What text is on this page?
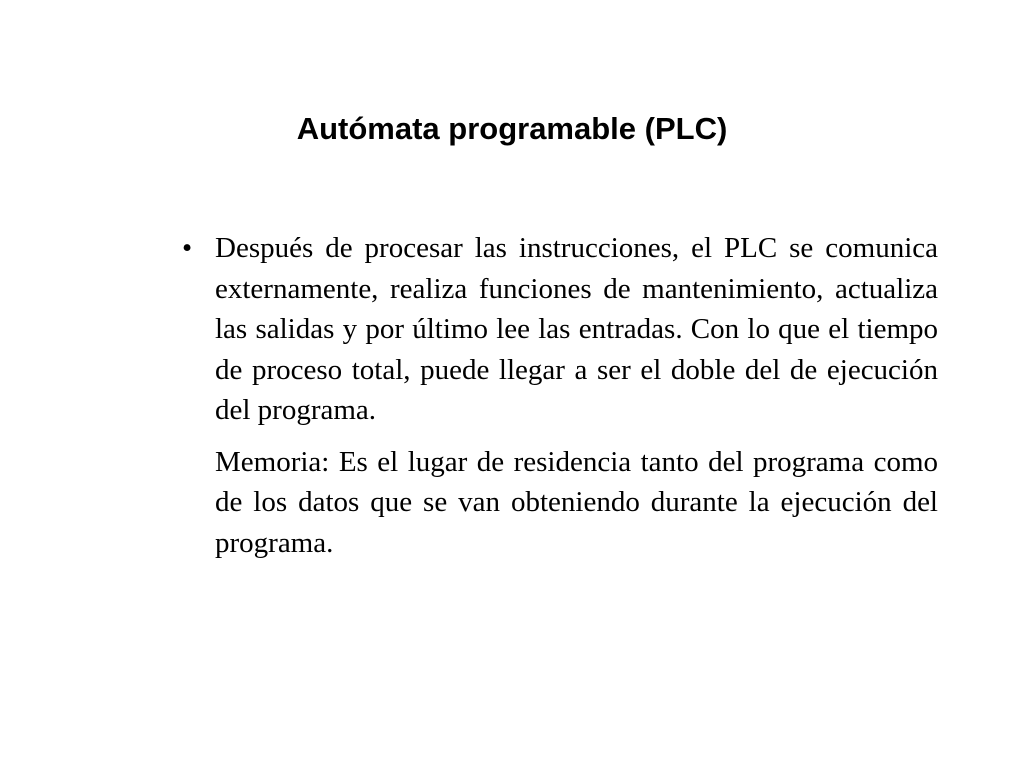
Autómata programable (PLC)

• Después de procesar las instrucciones, el PLC se comunica externamente, realiza funciones de mantenimiento, actualiza las salidas y por último lee las entradas. Con lo que el tiempo de proceso total, puede llegar a ser el doble del de ejecución del programa.

Memoria: Es el lugar de residencia tanto del programa como de los datos que se van obteniendo durante la ejecución del programa.
